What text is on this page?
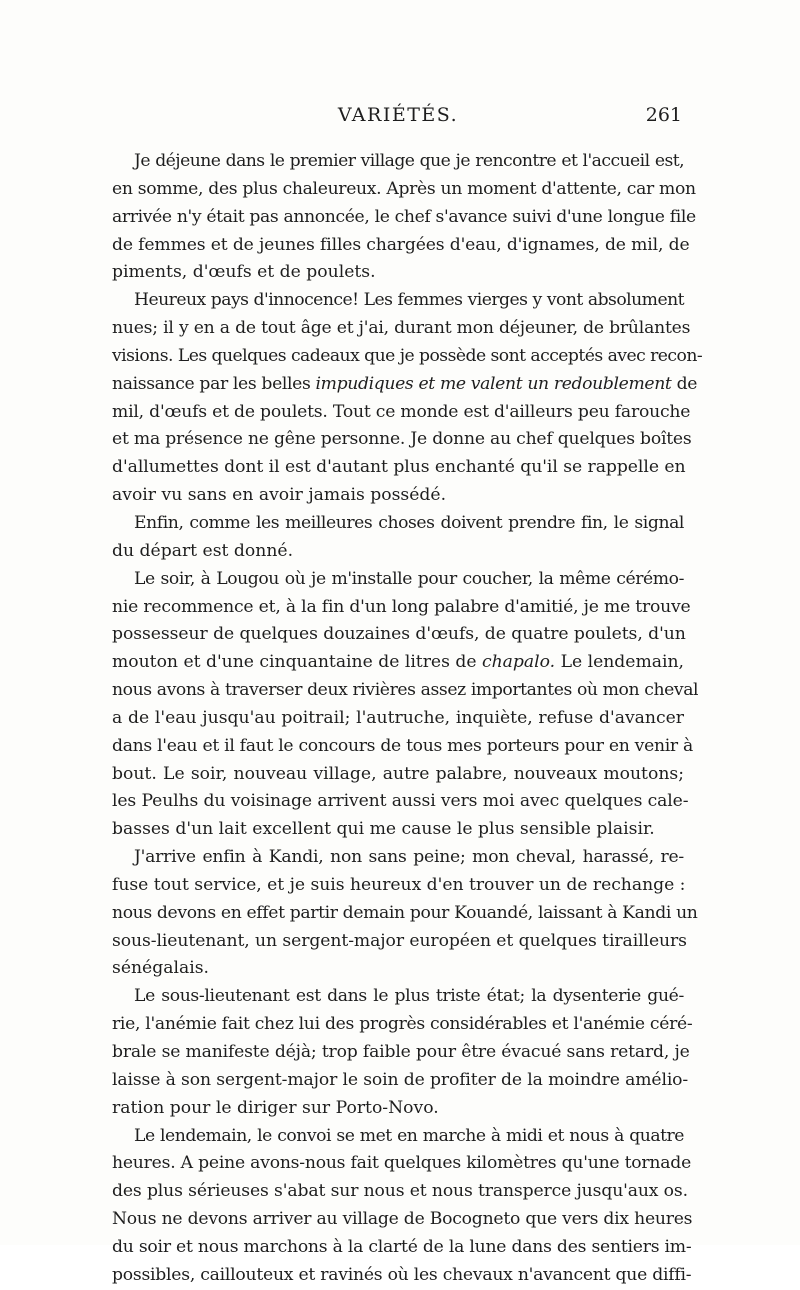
VARIÉTÉS.	261
Je déjeune dans le premier village que je rencontre et l'accueil est,
en somme, des plus chaleureux. Après un moment d'attente, car mon
arrivée n'y était pas annoncée, le chef s'avance suivi d'une longue file
de femmes et de jeunes filles chargées d'eau, d'ignames, de mil, de
piments, d'œufs et de poulets.
Heureux pays d'innocence! Les femmes vierges y vont absolument
nues; il y en a de tout âge et j'ai, durant mon déjeuner, de brûlantes
visions. Les quelques cadeaux que je possède sont acceptés avec recon-
naissance par les belles impudiques et me valent un redoublement de
mil, d'œufs et de poulets. Tout ce monde est d'ailleurs peu farouche
et ma présence ne gêne personne. Je donne au chef quelques boîtes
d'allumettes dont il est d'autant plus enchanté qu'il se rappelle en
avoir vu sans en avoir jamais possédé.
Enfin, comme les meilleures choses doivent prendre fin, le signal
du départ est donné.
Le soir, à Lougou où je m'installe pour coucher, la même cérémo-
nie recommence et, à la fin d'un long palabre d'amitié, je me trouve
possesseur de quelques douzaines d'œufs, de quatre poulets, d'un
mouton et d'une cinquantaine de litres de chapalo. Le lendemain,
nous avons à traverser deux rivières assez importantes où mon cheval
a de l'eau jusqu'au poitrail; l'autruche, inquiète, refuse d'avancer
dans l'eau et il faut le concours de tous mes porteurs pour en venir à
bout. Le soir, nouveau village, autre palabre, nouveaux moutons;
les Peulhs du voisinage arrivent aussi vers moi avec quelques cale-
basses d'un lait excellent qui me cause le plus sensible plaisir.
J'arrive enfin à Kandi, non sans peine; mon cheval, harassé, re-
fuse tout service, et je suis heureux d'en trouver un de rechange :
nous devons en effet partir demain pour Kouandé, laissant à Kandi un
sous-lieutenant, un sergent-major européen et quelques tirailleurs
sénégalais.
Le sous-lieutenant est dans le plus triste état; la dysenterie gué-
rie, l'anémie fait chez lui des progrès considérables et l'anémie céré-
brale se manifeste déjà; trop faible pour être évacué sans retard, je
laisse à son sergent-major le soin de profiter de la moindre amélio-
ration pour le diriger sur Porto-Novo.
Le lendemain, le convoi se met en marche à midi et nous à quatre
heures. A peine avons-nous fait quelques kilomètres qu'une tornade
des plus sérieuses s'abat sur nous et nous transperce jusqu'aux os.
Nous ne devons arriver au village de Bocogneto que vers dix heures
du soir et nous marchons à la clarté de la lune dans des sentiers im-
possibles, caillouteux et ravinés où les chevaux n'avancent que diffi-
